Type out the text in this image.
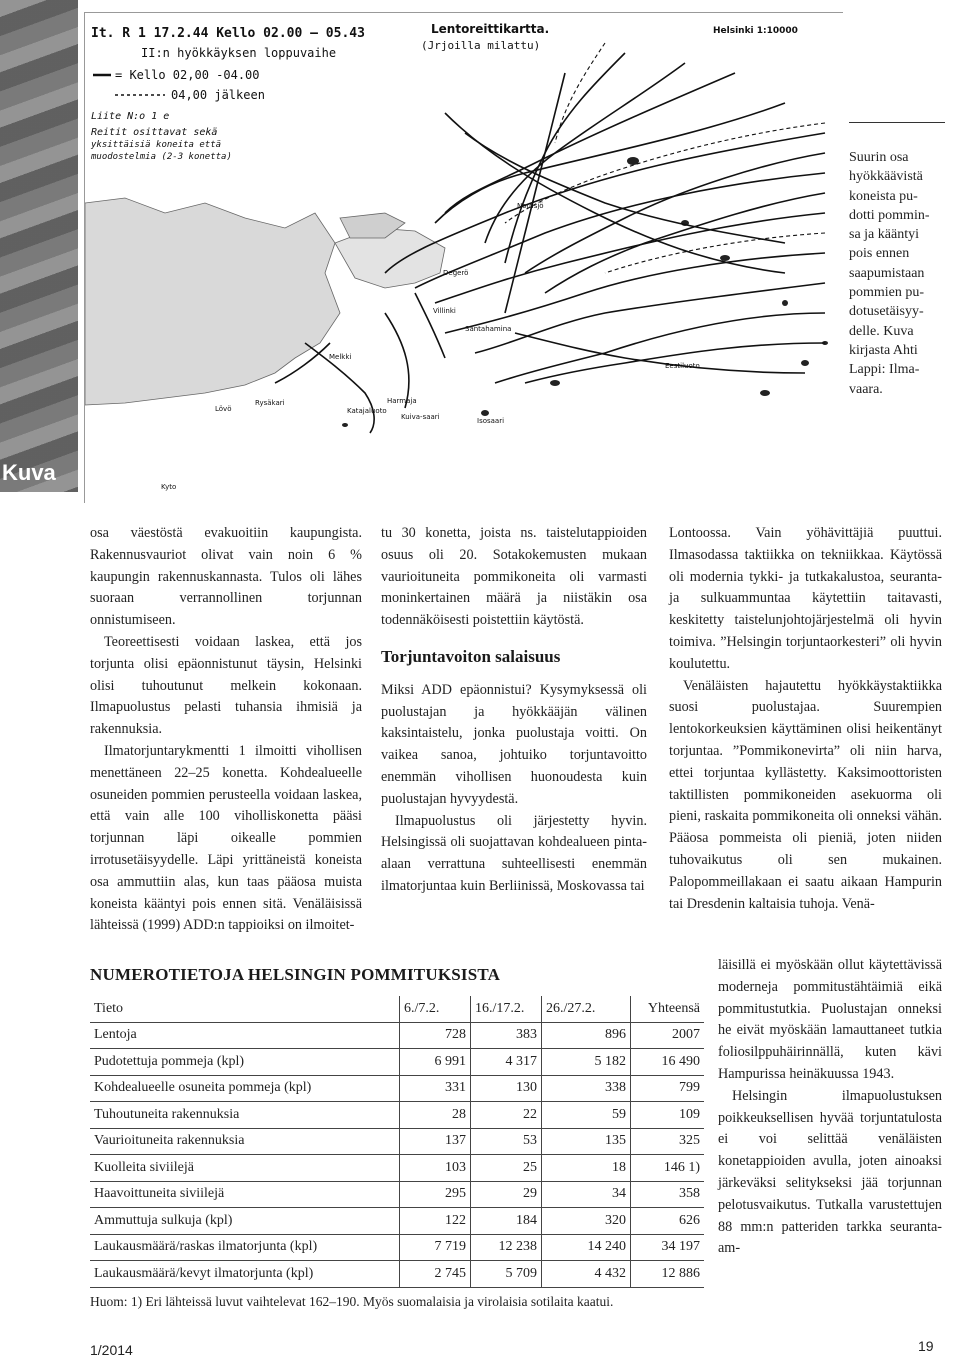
Kuva
It. R 1 17.2.44 Kello 02.00 – 05.43
II:n hyökkäyksen loppuvaihe
= Kello 02,00 -04.00
04,00 jälkeen
Liite N:o 1 e
Reitit osittavat sekä
yksittäisiä koneita että
muodostelmia (2-3 konetta)
Lentoreittikartta.
(Jrjoilla milattu)
Helsinki 1:10000
Nordsjö
Degerö
Villinki
Santahamina
Melkki
Rysäkari	Harmaja
Kuiva-saari	Isosaari
Eestiluoto
Katajaluoto
Lövö
Kyto
Suurin osa
hyökkäävistä
koneista pu-
dotti pommin-
sa ja kääntyi
pois ennen
saapumistaan
pommien pu-
dotusetäisyy-
delle. Kuva
kirjasta Ahti
Lappi: Ilma-
vaara.

osa väestöstä evakuoitiin kaupungista. Rakennusvauriot olivat vain noin 6 % kaupungin rakennuskannasta. Tulos oli lähes suoraan verrannollinen torjunnan onnistumiseen.

Teoreettisesti voidaan laskea, että jos torjunta olisi epäonnistunut täysin, Helsinki olisi tuhoutunut melkein kokonaan. Ilmapuolustus pelasti tuhansia ihmisiä ja rakennuksia.

Ilmatorjuntarykmentti 1 ilmoitti vihollisen menettäneen 22–25 konetta. Kohdealueelle osuneiden pommien perusteella voidaan laskea, että vain alle 100 viholliskonetta pääsi torjunnan läpi oikealle pommien irrotusetäisyydelle. Läpi yrittäneistä koneista osa ammuttiin alas, kun taas pääosa muista koneista kääntyi pois ennen sitä. Venäläisissä lähteissä (1999) ADD:n tappioiksi on ilmoitet-

tu 30 konetta, joista ns. taistelutappioiden osuus oli 20. Sotakokemusten mukaan vaurioituneita pommikoneita oli varmasti moninkertainen määrä ja niistäkin osa todennäköisesti poistettiin käytöstä.

Torjuntavoiton salaisuus

Miksi ADD epäonnistui? Kysymyksessä oli puolustajan ja hyökkääjän välinen kaksintaistelu, jonka puolustaja voitti. On vaikea sanoa, johtuiko torjuntavoitto enemmän vihollisen huonoudesta kuin puolustajan hyvyydestä.

Ilmapuolustus oli järjestetty hyvin. Helsingissä oli suojattavan kohdealueen pinta-alaan verrattuna suhteellisesti enemmän ilmatorjuntaa kuin Berliinissä, Moskovassa tai

Lontoossa. Vain yöhävittäjiä puuttui. Ilmasodassa taktiikka on tekniikkaa. Käytössä oli modernia tykki- ja tutkakalustoa, seuranta- ja sulkuammuntaa käytettiin taitavasti, keskitetty taistelunjohtojärjestelmä oli hyvin toimiva. ”Helsingin torjuntaorkesteri” oli hyvin koulutettu.

Venäläisten hajautettu hyökkäystaktiikka suosi puolustajaa. Suurempien lentokorkeuksien käyttäminen olisi heikentänyt torjuntaa. ”Pommikonevirta” oli niin harva, ettei torjuntaa kyllästetty. Kaksimoottoristen taktillisten pommikoneiden asekuorma oli pieni, raskaita pommikoneita oli onneksi vähän. Pääosa pommeista oli pieniä, joten niiden tuhovaikutus oli sen mukainen. Palopommeillakaan ei saatu aikaan Hampurin tai Dresdenin kaltaisia tuhoja. Venä-

läisillä ei myöskään ollut käytettävissä moderneja pommitustähtäimiä eikä pommitustutkia. Puolustajan onneksi he eivät myöskään lamauttaneet tutkia foliosilppuhäirinnällä, kuten kävi Hampurissa heinäkuussa 1943.

Helsingin ilmapuolustuksen poikkeuksellisen hyvää torjuntatulosta ei voi selittää venäläisten konetappioiden avulla, joten ainoaksi järkeväksi selitykseksi jää torjunnan pelotusvaikutus. Tutkalla varustettujen 88 mm:n patteriden tarkka seuranta-am-

NUMEROTIETOJA HELSINGIN POMMITUKSISTA
Tieto	6./7.2.	16./17.2.	26./27.2.	Yhteensä
Lentoja	728	383	896	2007
Pudotettuja pommeja (kpl)	6 991	4 317	5 182	16 490
Kohdealueelle osuneita pommeja (kpl)	331	130	338	799
Tuhoutuneita rakennuksia	28	22	59	109
Vaurioituneita rakennuksia	137	53	135	325
Kuolleita siviilejä	103	25	18	146 1)
Haavoittuneita siviilejä	295	29	34	358
Ammuttuja sulkuja (kpl)	122	184	320	626
Laukausmäärä/raskas ilmatorjunta (kpl)	7 719	12 238	14 240	34 197
Laukausmäärä/kevyt ilmatorjunta (kpl)	2 745	5 709	4 432	12 886
Huom: 1) Eri lähteissä luvut vaihtelevat 162–190. Myös suomalaisia ja virolaisia sotilaita kaatui.
1/2014	19
